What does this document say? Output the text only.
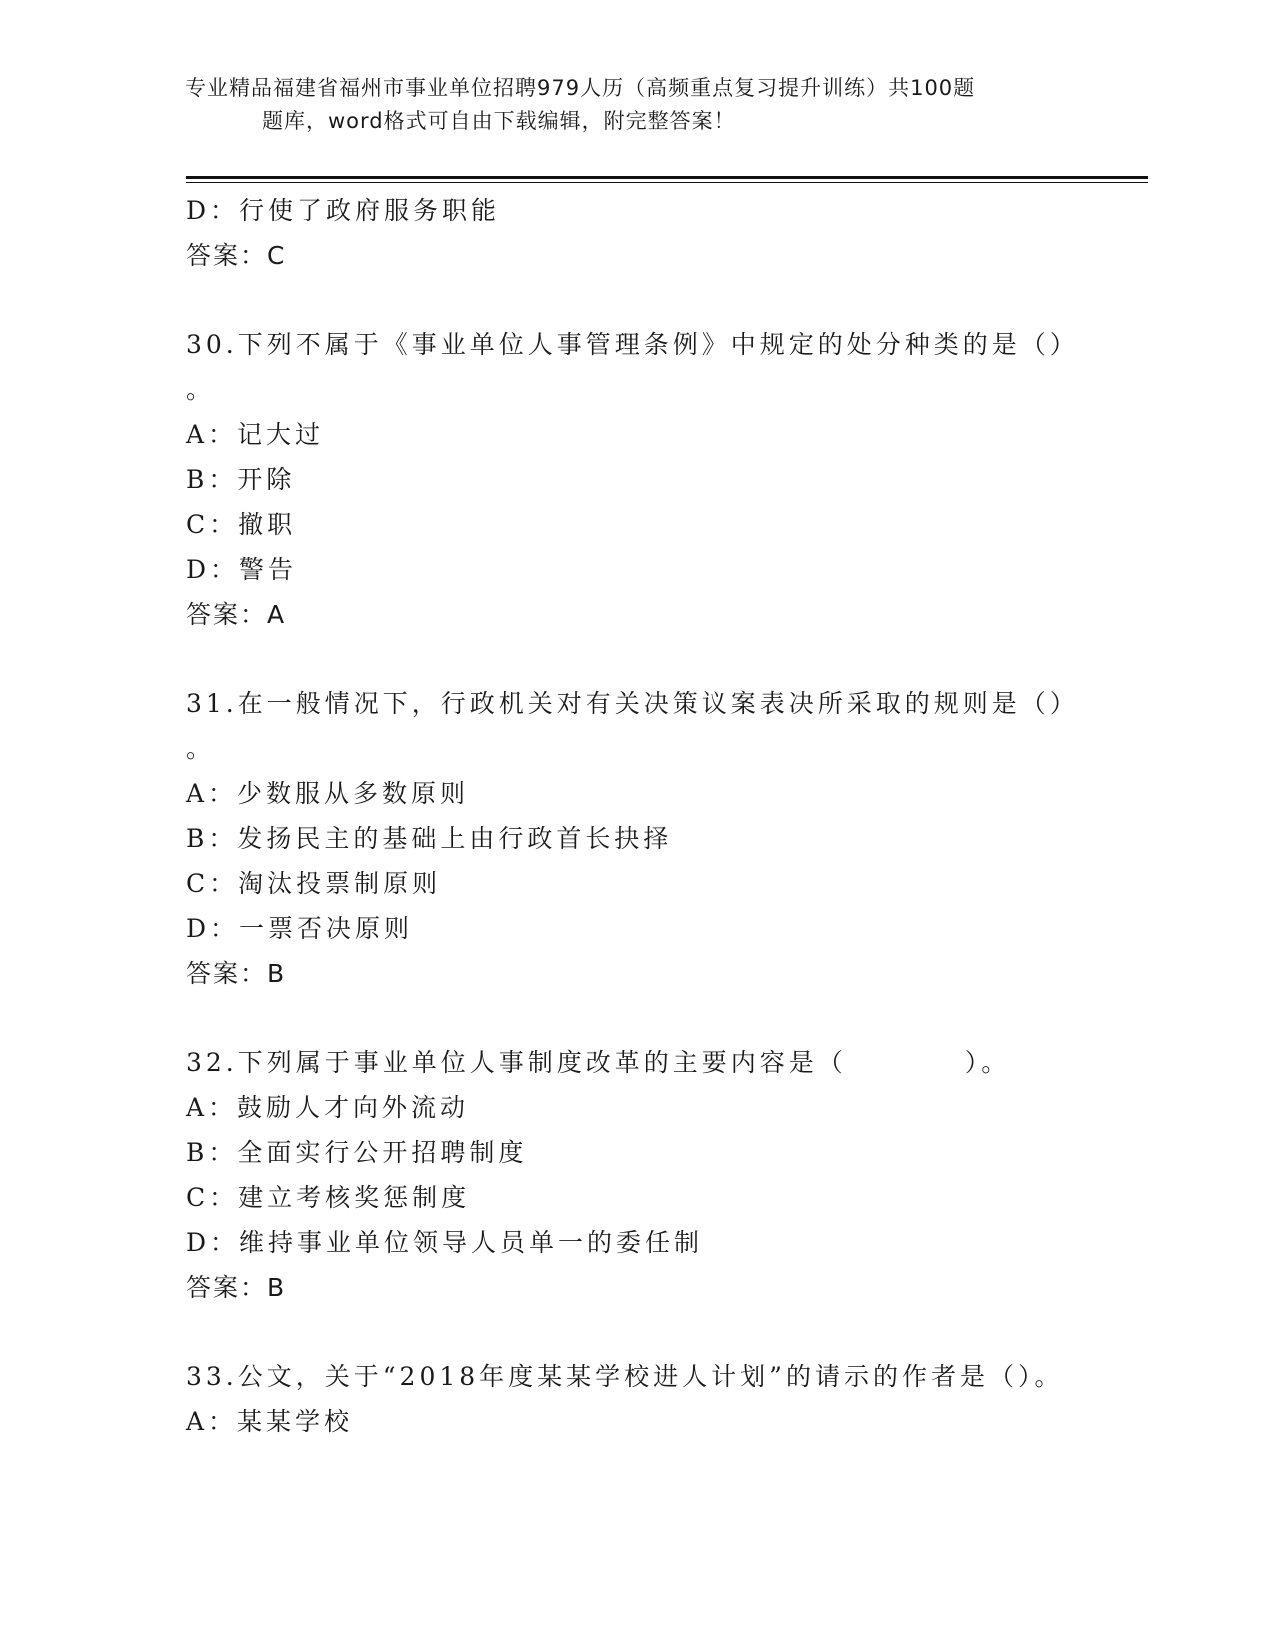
专业精品福建省福州市事业单位招聘979人历（高频重点复习提升训练）共100题
题库，word格式可自由下载编辑，附完整答案！
D：行使了政府服务职能
答案：C
30.下列不属于《事业单位人事管理条例》中规定的处分种类的是（）
。
A：记大过
B：开除
C：撤职
D：警告
答案：A
31.在一般情况下，行政机关对有关决策议案表决所采取的规则是（）
。
A：少数服从多数原则
B：发扬民主的基础上由行政首长抉择
C：淘汰投票制原则
D：一票否决原则
答案：B
32.下列属于事业单位人事制度改革的主要内容是（	）。
A：鼓励人才向外流动
B：全面实行公开招聘制度
C：建立考核奖惩制度
D：维持事业单位领导人员单一的委任制
答案：B
33.公文，关于“2018年度某某学校进人计划”的请示的作者是（）。
A：某某学校
